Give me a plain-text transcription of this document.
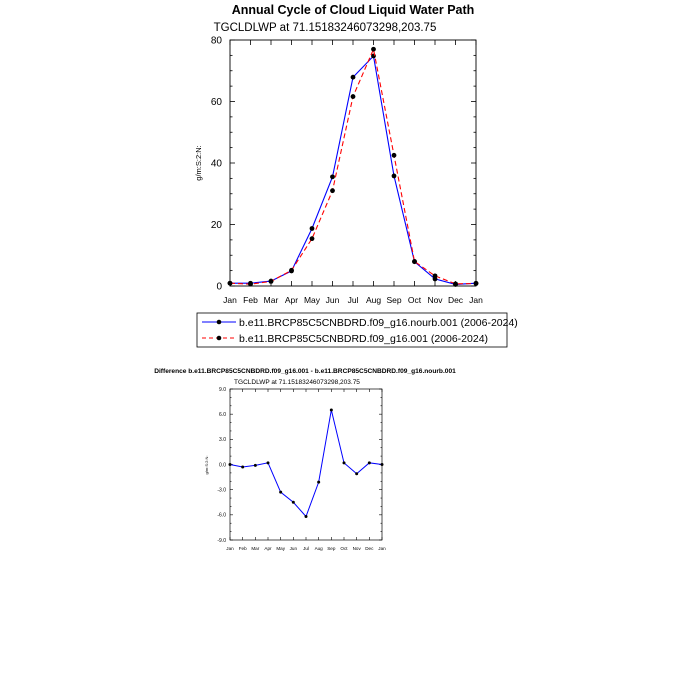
Annual Cycle of Cloud Liquid Water Path
TGCLDLWP at 71.15183246073298,203.75
g/m:S:2:N:
0
20
40
60
80
Jan Feb Mar Apr May Jun Jul Aug Sep Oct Nov Dec Jan
b.e11.BRCP85C5CNBDRD.f09_g16.nourb.001 (2006-2024)
b.e11.BRCP85C5CNBDRD.f09_g16.001 (2006-2024)
Difference b.e11.BRCP85C5CNBDRD.f09_g16.001 - b.e11.BRCP85C5CNBDRD.f09_g16.nourb.001
TGCLDLWP at 71.15183246073298,203.75
g/m:S:2:N:
-9.0
-6.0
-3.0
0.0
3.0
6.0
9.0
Jan Feb Mar Apr May Jun Jul Aug Sep Oct Nov Dec Jan
